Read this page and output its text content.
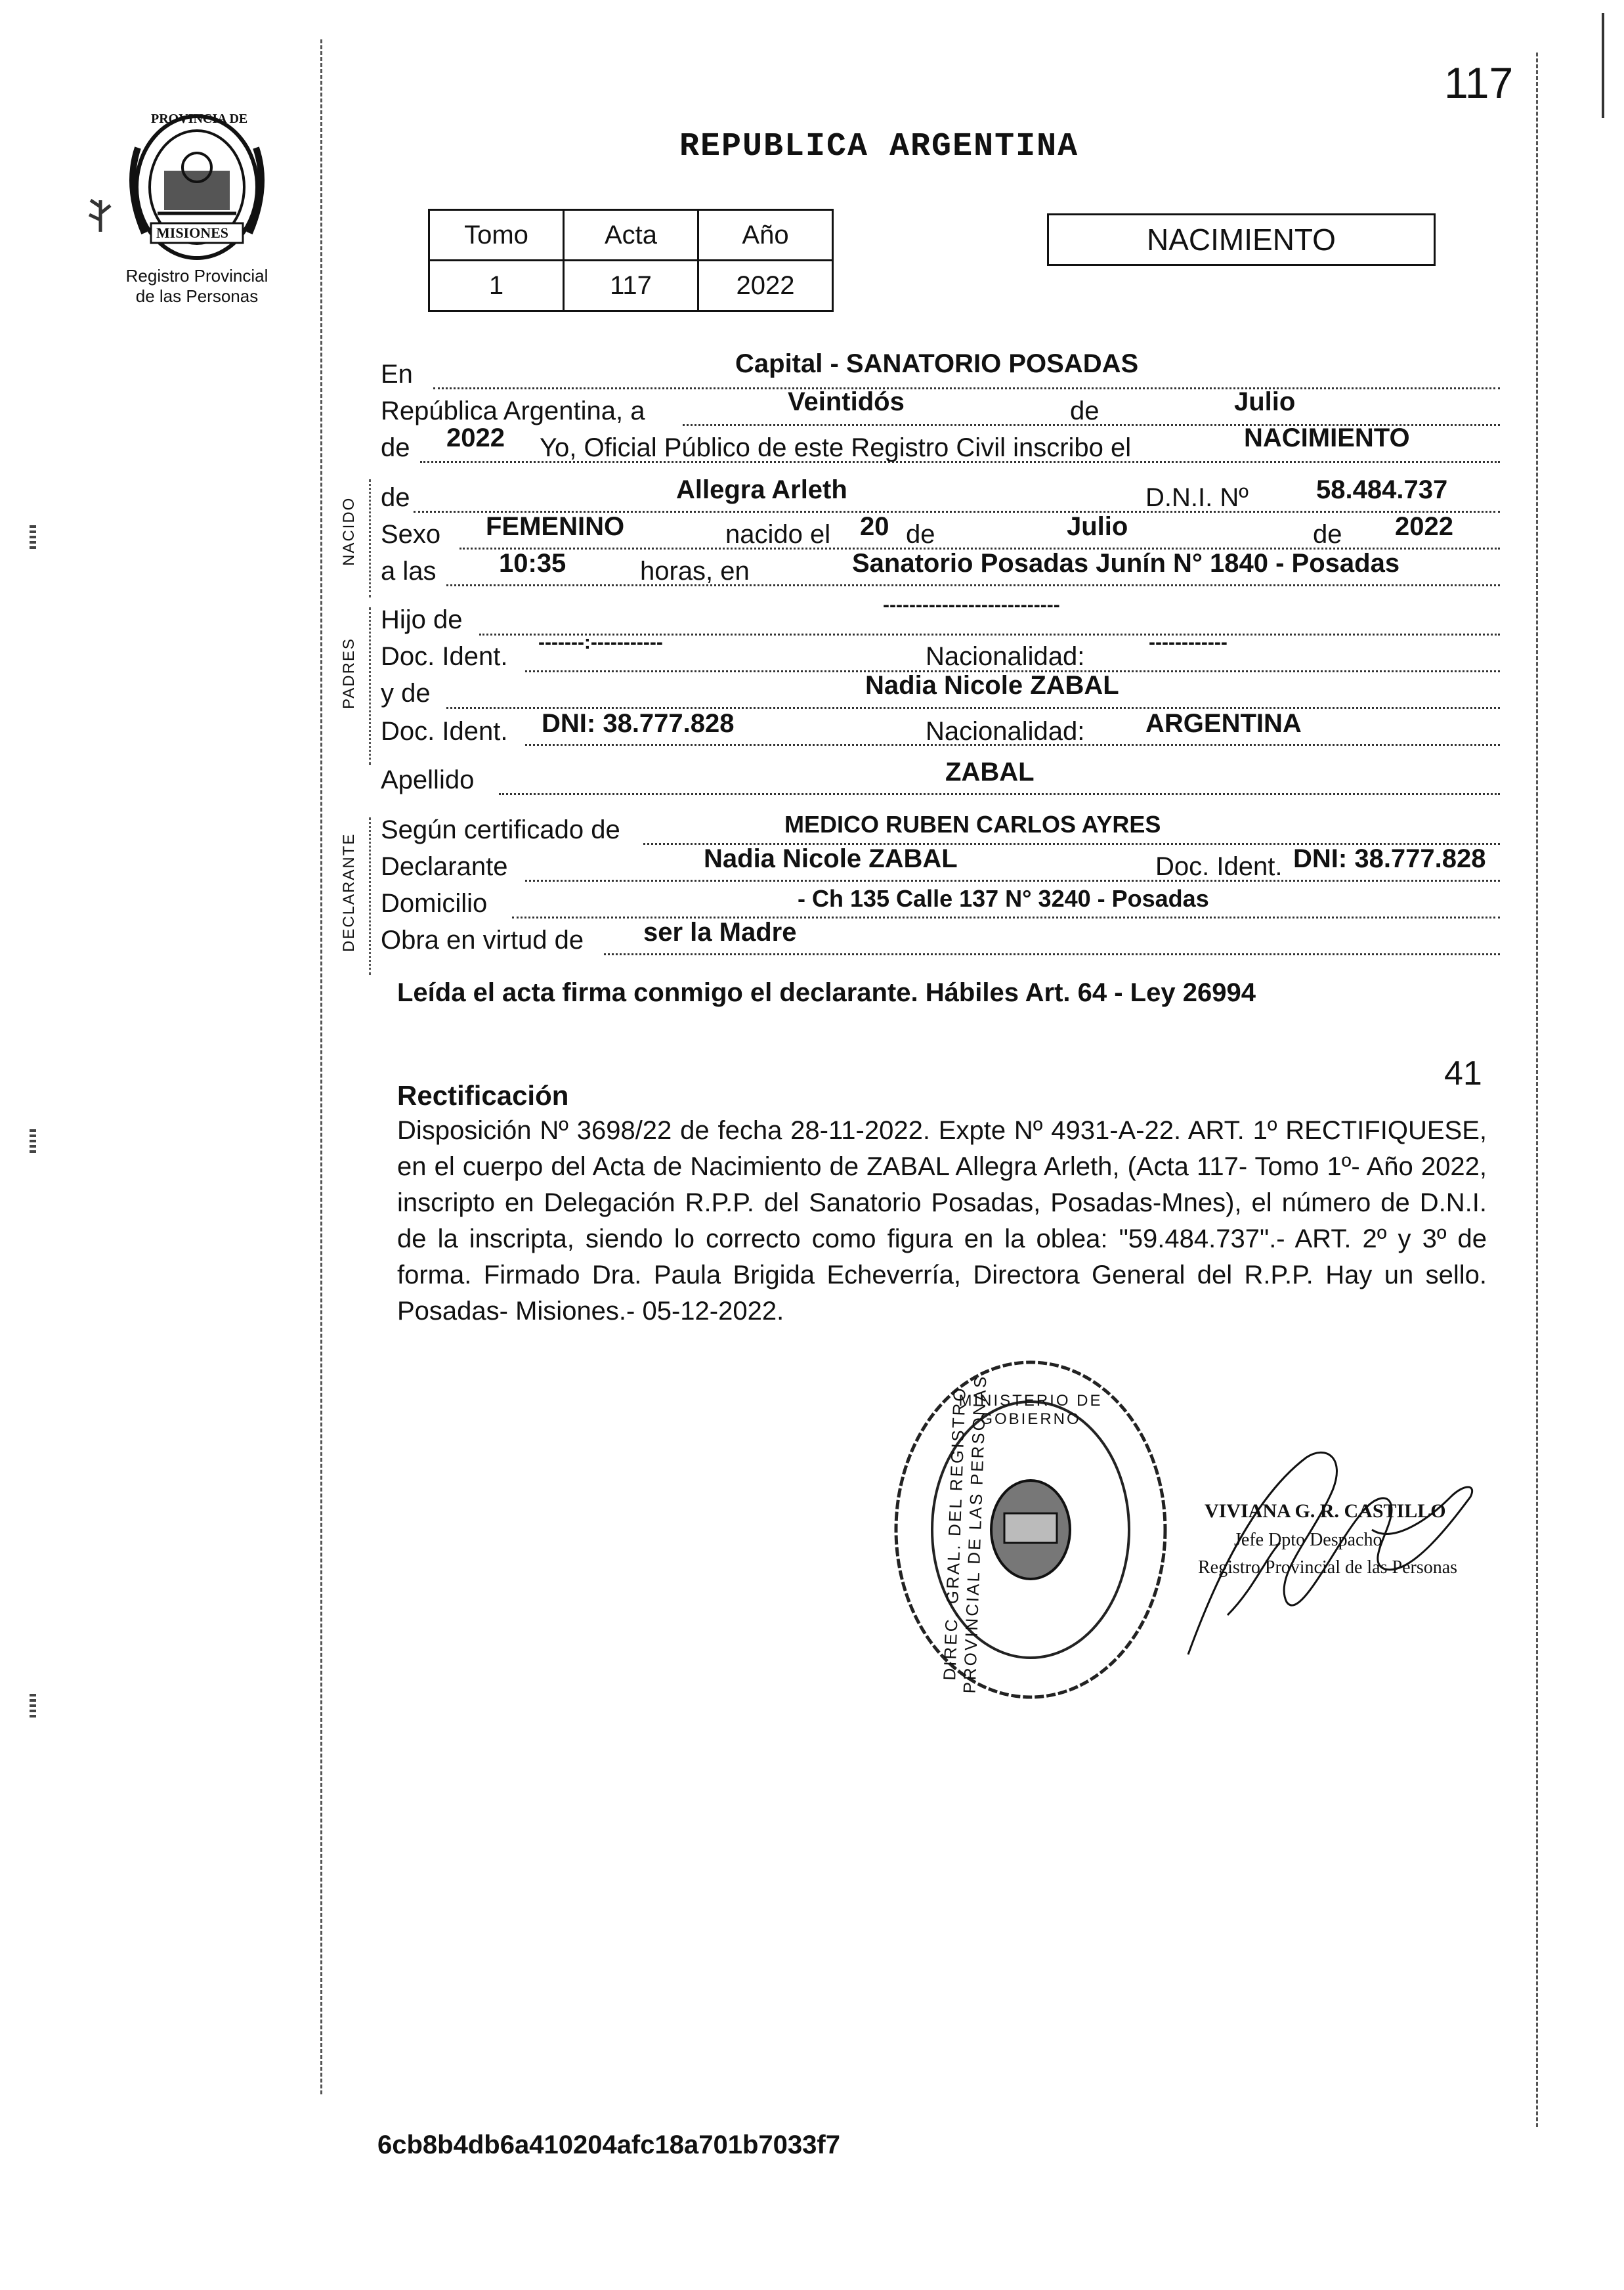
117
PROVINCIA DE
MISIONES
Registro Provincial
de las Personas
REPUBLICA ARGENTINA
Tomo	Acta	Año
1	117	2022
NACIMIENTO
NACIDO
PADRES
DECLARANTE
En	Capital - SANATORIO POSADAS
República Argentina, a	Veintidós	de	Julio
de 2022 Yo, Oficial Público de este Registro Civil inscribo el	NACIMIENTO
de	Allegra Arleth	D.N.I. Nº	58.484.737
Sexo FEMENINO	nacido el 20 de	Julio	de 2022
a las 10:35	horas, en	Sanatorio Posadas Junín N° 1840 - Posadas
Hijo de
---------------------------
Doc. Ident. -------:-----------	Nacionalidad:	------------
y de	Nadia Nicole ZABAL
Doc. Ident. DNI: 38.777.828	Nacionalidad: ARGENTINA
Apellido	ZABAL
Según certificado de	MEDICO RUBEN CARLOS AYRES
Declarante	Nadia Nicole ZABAL	Doc. Ident. DNI: 38.777.828
Domicilio	- Ch 135 Calle 137 N° 3240 - Posadas
Obra en virtud de ser la Madre
Leída el acta firma conmigo el declarante. Hábiles Art. 64 - Ley 26994
41
Rectificación
Disposición Nº 3698/22 de fecha 28-11-2022. Expte Nº 4931-A-22. ART. 1º RECTIFIQUESE, en el cuerpo del Acta de Nacimiento de ZABAL Allegra Arleth, (Acta 117- Tomo 1º- Año 2022, inscripto en Delegación R.P.P. del Sanatorio Posadas, Posadas-Mnes), el número de D.N.I. de la inscripta, siendo lo correcto como figura en la oblea: "59.484.737".- ART. 2º y 3º de forma. Firmado Dra. Paula Brigida Echeverría, Directora General del R.P.P. Hay un sello. Posadas- Misiones.- 05-12-2022.
DIREC. GRAL. DEL REGISTRO PROVINCIAL DE LAS PERSONAS
MINISTERIO DE GOBIERNO
VIVIANA G. R. CASTILLO
Jefe Dpto Despacho
Registro Provincial de las Personas
6cb8b4db6a410204afc18a701b7033f7
